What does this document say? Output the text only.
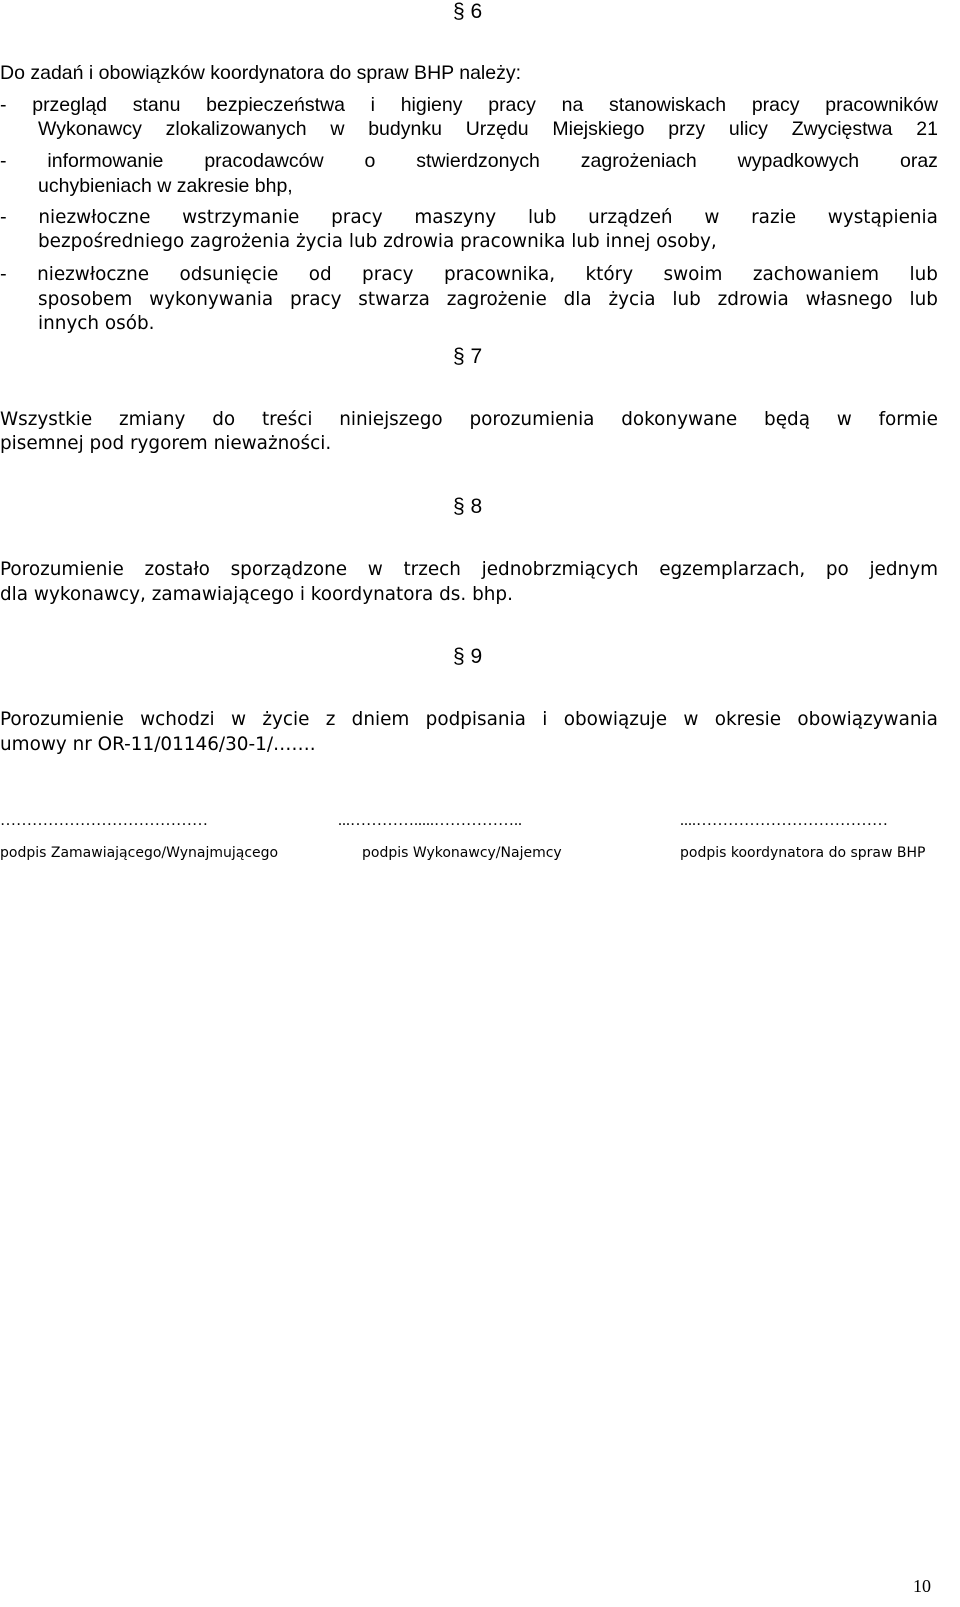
§ 6
Do zadań i obowiązków koordynatora do spraw BHP należy:
- przegląd stanu bezpieczeństwa i higieny pracy na stanowiskach pracy pracowników
Wykonawcy zlokalizowanych w budynku Urzędu Miejskiego przy ulicy Zwycięstwa 21
- informowanie pracodawców o stwierdzonych zagrożeniach wypadkowych oraz
uchybieniach w zakresie bhp,
- niezwłoczne wstrzymanie pracy maszyny lub urządzeń w razie wystąpienia
bezpośredniego zagrożenia życia lub zdrowia pracownika lub innej osoby,
- niezwłoczne odsunięcie od pracy pracownika, który swoim zachowaniem lub
sposobem wykonywania pracy stwarza zagrożenie dla życia lub zdrowia własnego lub
innych osób.
§ 7
Wszystkie zmiany do treści niniejszego porozumienia dokonywane będą w formie
pisemnej pod rygorem nieważności.
§ 8
Porozumienie zostało sporządzone w trzech jednobrzmiących egzemplarzach, po jednym
dla wykonawcy, zamawiającego i koordynatora ds. bhp.
§ 9
Porozumienie wchodzi w życie z dniem podpisania i obowiązuje w okresie obowiązywania
umowy nr OR-11/01146/30-1/…….
…………………………………	...………….....……………..	....………………………………
podpis Zamawiającego/Wynajmującego	podpis Wykonawcy/Najemcy	podpis koordynatora do spraw BHP
10
